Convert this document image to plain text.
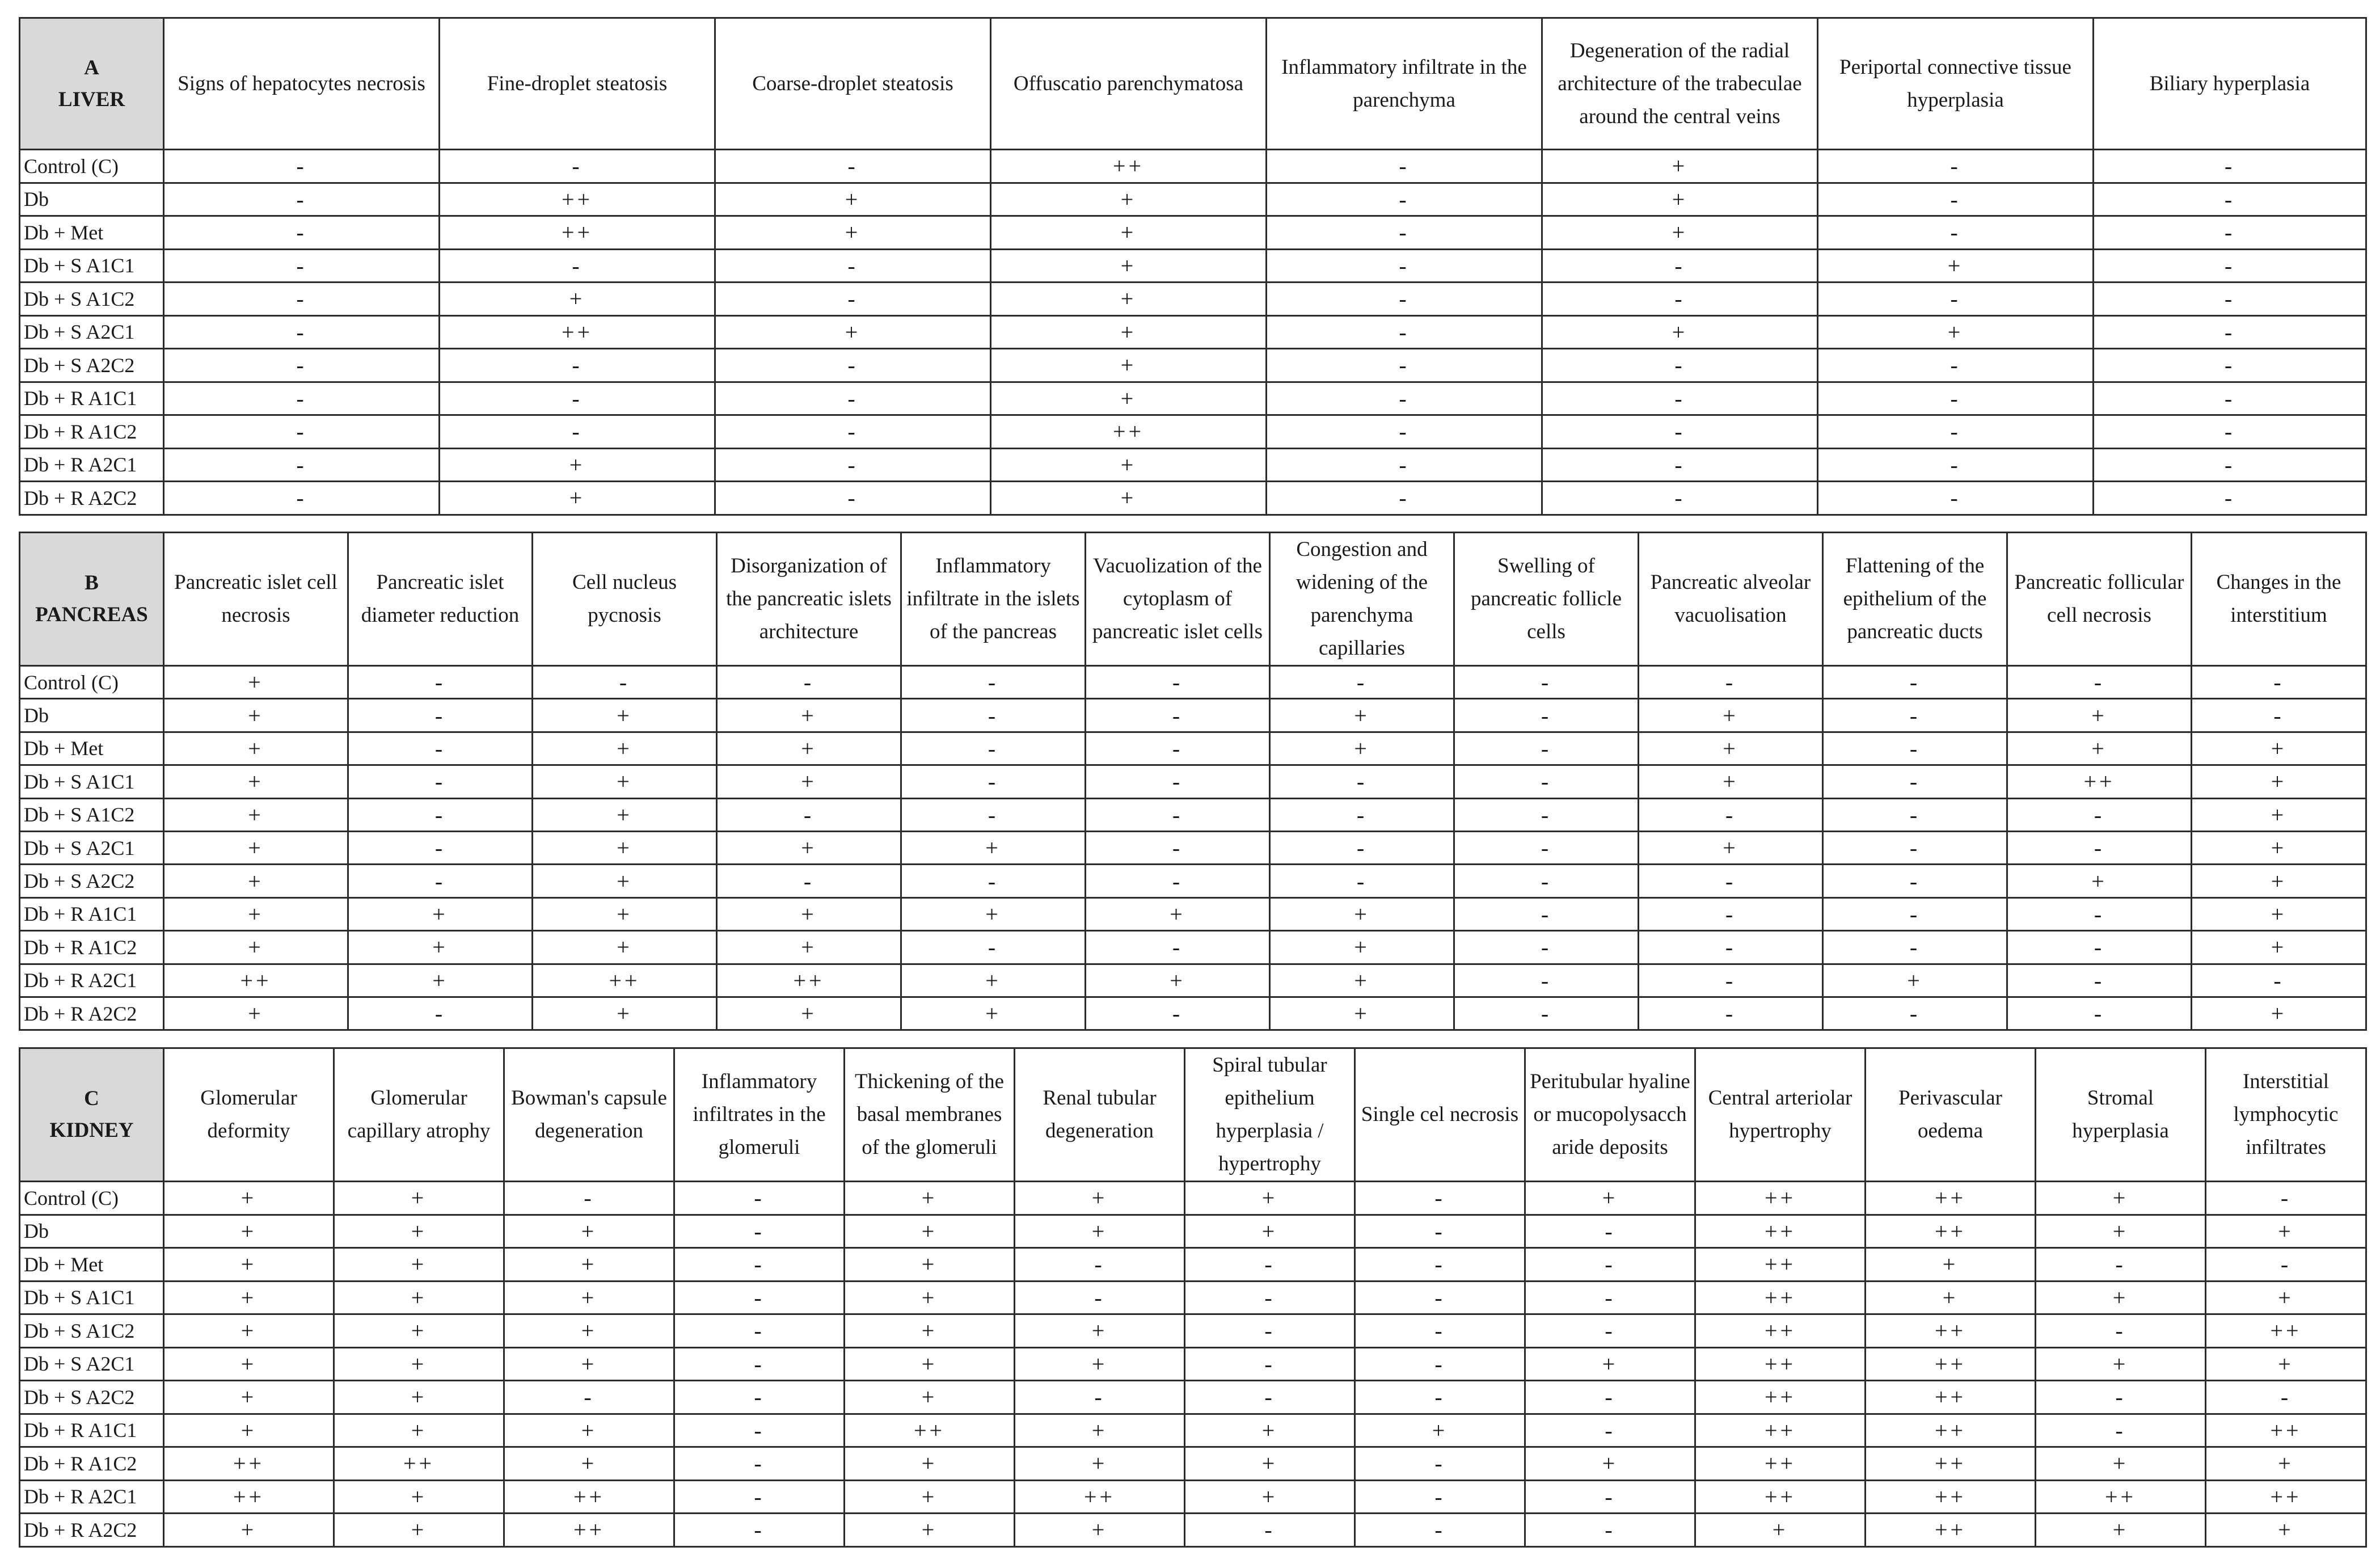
A
LIVER	Signs of hepatocytes necrosis	Fine-droplet steatosis	Coarse-droplet steatosis	Offuscatio parenchymatosa	Inflammatory infiltrate in the parenchyma	Degeneration of the radial architecture of the trabeculae around the central veins	Periportal connective tissue hyperplasia	Biliary hyperplasia
Control (C)	-	-	-	++	-	+	-	-
Db	-	++	+	+	-	+	-	-
Db + Met	-	++	+	+	-	+	-	-
Db + S A1C1	-	-	-	+	-	-	+	-
Db + S A1C2	-	+	-	+	-	-	-	-
Db + S A2C1	-	++	+	+	-	+	+	-
Db + S A2C2	-	-	-	+	-	-	-	-
Db + R A1C1	-	-	-	+	-	-	-	-
Db + R A1C2	-	-	-	++	-	-	-	-
Db + R A2C1	-	+	-	+	-	-	-	-
Db + R A2C2	-	+	-	+	-	-	-	-
B
PANCREAS	Pancreatic islet cell necrosis	Pancreatic islet diameter reduction	Cell nucleus pycnosis	Disorganization of the pancreatic islets architecture	Inflammatory infiltrate in the islets of the pancreas	Vacuolization of the cytoplasm of pancreatic islet cells	Congestion and widening of the parenchyma capillaries	Swelling of pancreatic follicle cells	Pancreatic alveolar vacuolisation	Flattening of the epithelium of the pancreatic ducts	Pancreatic follicular cell necrosis	Changes in the interstitium
Control (C)	+	-	-	-	-	-	-	-	-	-	-	-
Db	+	-	+	+	-	-	+	-	+	-	+	-
Db + Met	+	-	+	+	-	-	+	-	+	-	+	+
Db + S A1C1	+	-	+	+	-	-	-	-	+	-	++	+
Db + S A1C2	+	-	+	-	-	-	-	-	-	-	-	+
Db + S A2C1	+	-	+	+	+	-	-	-	+	-	-	+
Db + S A2C2	+	-	+	-	-	-	-	-	-	-	+	+
Db + R A1C1	+	+	+	+	+	+	+	-	-	-	-	+
Db + R A1C2	+	+	+	+	-	-	+	-	-	-	-	+
Db + R A2C1	++	+	++	++	+	+	+	-	-	+	-	-
Db + R A2C2	+	-	+	+	+	-	+	-	-	-	-	+
C
KIDNEY	Glomerular deformity	Glomerular capillary atrophy	Bowman's capsule degeneration	Inflammatory infiltrates in the glomeruli	Thickening of the basal membranes of the glomeruli	Renal tubular degeneration	Spiral tubular epithelium hyperplasia / hypertrophy	Single cel necrosis	Peritubular hyaline or mucopolysacch aride deposits	Central arteriolar hypertrophy	Perivascular oedema	Stromal hyperplasia	Interstitial lymphocytic infiltrates
Control (C)	+	+	-	-	+	+	+	-	+	++	++	+	-
Db	+	+	+	-	+	+	+	-	-	++	++	+	+
Db + Met	+	+	+	-	+	-	-	-	-	++	+	-	-
Db + S A1C1	+	+	+	-	+	-	-	-	-	++	+	+	+
Db + S A1C2	+	+	+	-	+	+	-	-	-	++	++	-	++
Db + S A2C1	+	+	+	-	+	+	-	-	+	++	++	+	+
Db + S A2C2	+	+	-	-	+	-	-	-	-	++	++	-	-
Db + R A1C1	+	+	+	-	++	+	+	+	-	++	++	-	++
Db + R A1C2	++	++	+	-	+	+	+	-	+	++	++	+	+
Db + R A2C1	++	+	++	-	+	++	+	-	-	++	++	++	++
Db + R A2C2	+	+	++	-	+	+	-	-	-	+	++	+	+
